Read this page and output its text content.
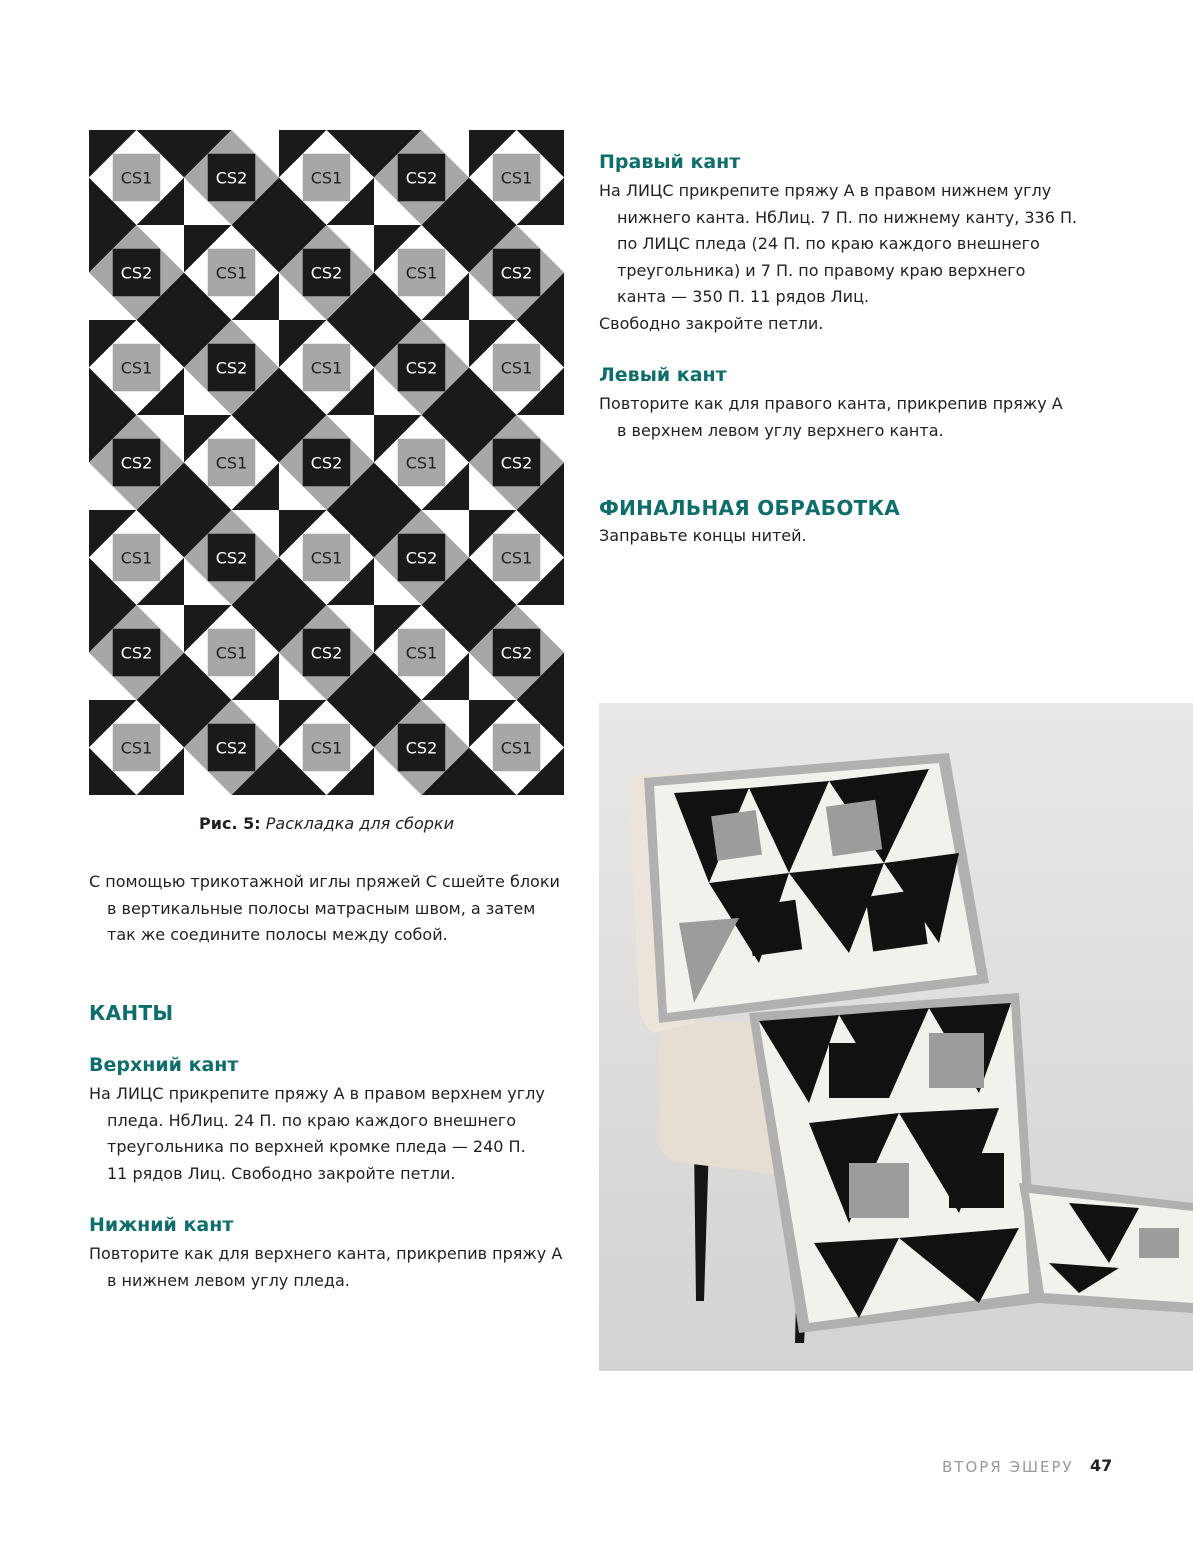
CS1	CS2	CS1	CS2	CS1
CS2	CS1	CS2	CS1	CS2
CS1	CS2	CS1	CS2	CS1
CS2	CS1	CS2	CS1	CS2
CS1	CS2	CS1	CS2	CS1
CS2	CS1	CS2	CS1	CS2
CS1	CS2	CS1	CS2	CS1
Рис. 5: Раскладка для сборки
С помощью трикотажной иглы пряжей С сшейте блоки
в вертикальные полосы матрасным швом, а затем
так же соедините полосы между собой.
КАНТЫ
Верхний кант
На ЛИЦС прикрепите пряжу А в правом верхнем углу
пледа. НбЛиц. 24 П. по краю каждого внешнего
треугольника по верхней кромке пледа — 240 П.
11 рядов Лиц. Свободно закройте петли.
Нижний кант
Повторите как для верхнего канта, прикрепив пряжу А
в нижнем левом углу пледа.
Правый кант
На ЛИЦС прикрепите пряжу А в правом нижнем углу
нижнего канта. НбЛиц. 7 П. по нижнему канту, 336 П.
по ЛИЦС пледа (24 П. по краю каждого внешнего
треугольника) и 7 П. по правому краю верхнего
канта — 350 П. 11 рядов Лиц.
Свободно закройте петли.
Левый кант
Повторите как для правого канта, прикрепив пряжу А
в верхнем левом углу верхнего канта.
ФИНАЛЬНАЯ ОБРАБОТКА
Заправьте концы нитей.
ВТОРЯ ЭШЕРУ 47
